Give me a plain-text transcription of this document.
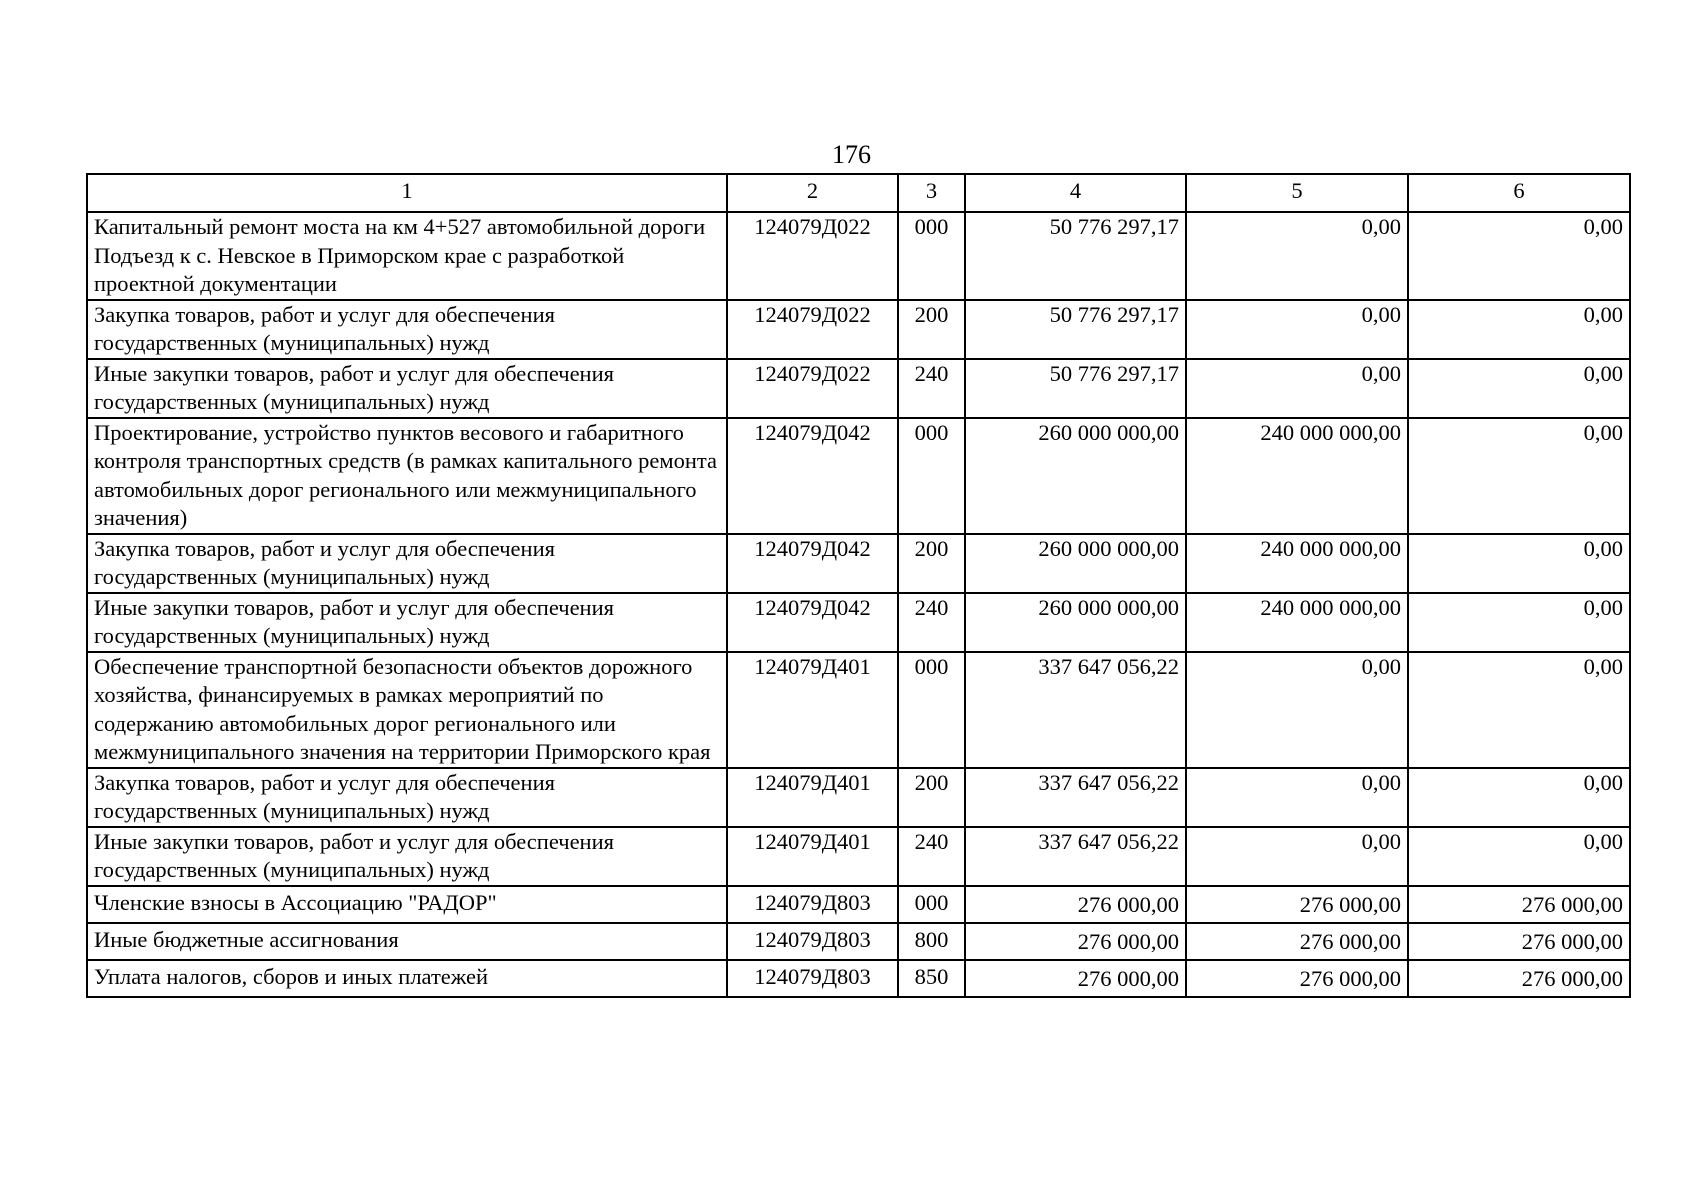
176
1	2	3	4	5	6
Капитальный ремонт моста на км 4+527 автомобильной дороги Подъезд к с. Невское в Приморском крае с разработкой проектной документации	124079Д022	000	50 776 297,17	0,00	0,00
Закупка товаров, работ и услуг для обеспечения государственных (муниципальных) нужд	124079Д022	200	50 776 297,17	0,00	0,00
Иные закупки товаров, работ и услуг для обеспечения государственных (муниципальных) нужд	124079Д022	240	50 776 297,17	0,00	0,00
Проектирование, устройство пунктов весового и габаритного контроля транспортных средств (в рамках капитального ремонта автомобильных дорог регионального или межмуниципального значения)	124079Д042	000	260 000 000,00	240 000 000,00	0,00
Закупка товаров, работ и услуг для обеспечения государственных (муниципальных) нужд	124079Д042	200	260 000 000,00	240 000 000,00	0,00
Иные закупки товаров, работ и услуг для обеспечения государственных (муниципальных) нужд	124079Д042	240	260 000 000,00	240 000 000,00	0,00
Обеспечение транспортной безопасности объектов дорожного хозяйства, финансируемых в рамках мероприятий по содержанию автомобильных дорог регионального или межмуниципального значения на территории Приморского края	124079Д401	000	337 647 056,22	0,00	0,00
Закупка товаров, работ и услуг для обеспечения государственных (муниципальных) нужд	124079Д401	200	337 647 056,22	0,00	0,00
Иные закупки товаров, работ и услуг для обеспечения государственных (муниципальных) нужд	124079Д401	240	337 647 056,22	0,00	0,00
Членские взносы в Ассоциацию "РАДОР"	124079Д803	000	276 000,00	276 000,00	276 000,00
Иные бюджетные ассигнования	124079Д803	800	276 000,00	276 000,00	276 000,00
Уплата налогов, сборов и иных платежей	124079Д803	850	276 000,00	276 000,00	276 000,00
